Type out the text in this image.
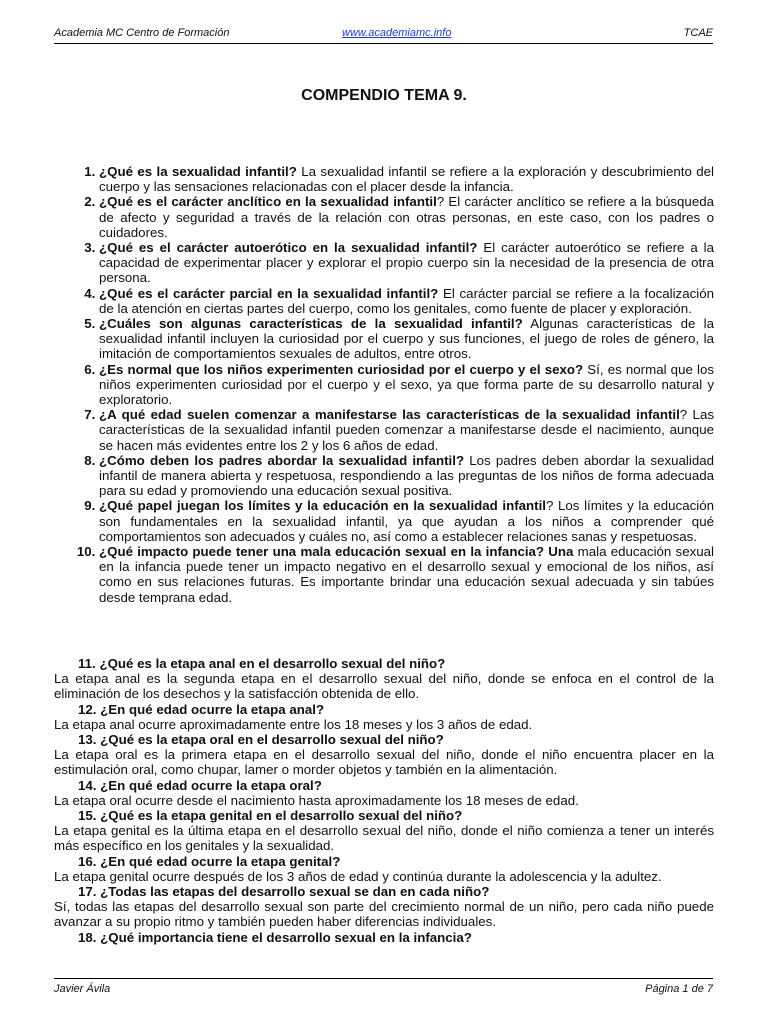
Academia MC Centro de Formación	www.academiamc.info	TCAE
COMPENDIO TEMA 9.
1. ¿Qué es la sexualidad infantil? La sexualidad infantil se refiere a la exploración y descubrimiento del cuerpo y las sensaciones relacionadas con el placer desde la infancia.
2. ¿Qué es el carácter anclítico en la sexualidad infantil? El carácter anclítico se refiere a la búsqueda de afecto y seguridad a través de la relación con otras personas, en este caso, con los padres o cuidadores.
3. ¿Qué es el carácter autoerótico en la sexualidad infantil? El carácter autoerótico se refiere a la capacidad de experimentar placer y explorar el propio cuerpo sin la necesidad de la presencia de otra persona.
4. ¿Qué es el carácter parcial en la sexualidad infantil? El carácter parcial se refiere a la focalización de la atención en ciertas partes del cuerpo, como los genitales, como fuente de placer y exploración.
5. ¿Cuáles son algunas características de la sexualidad infantil? Algunas características de la sexualidad infantil incluyen la curiosidad por el cuerpo y sus funciones, el juego de roles de género, la imitación de comportamientos sexuales de adultos, entre otros.
6. ¿Es normal que los niños experimenten curiosidad por el cuerpo y el sexo? Sí, es normal que los niños experimenten curiosidad por el cuerpo y el sexo, ya que forma parte de su desarrollo natural y exploratorio.
7. ¿A qué edad suelen comenzar a manifestarse las características de la sexualidad infantil? Las características de la sexualidad infantil pueden comenzar a manifestarse desde el nacimiento, aunque se hacen más evidentes entre los 2 y los 6 años de edad.
8. ¿Cómo deben los padres abordar la sexualidad infantil? Los padres deben abordar la sexualidad infantil de manera abierta y respetuosa, respondiendo a las preguntas de los niños de forma adecuada para su edad y promoviendo una educación sexual positiva.
9. ¿Qué papel juegan los límites y la educación en la sexualidad infantil? Los límites y la educación son fundamentales en la sexualidad infantil, ya que ayudan a los niños a comprender qué comportamientos son adecuados y cuáles no, así como a establecer relaciones sanas y respetuosas.
10. ¿Qué impacto puede tener una mala educación sexual en la infancia? Una mala educación sexual en la infancia puede tener un impacto negativo en el desarrollo sexual y emocional de los niños, así como en sus relaciones futuras. Es importante brindar una educación sexual adecuada y sin tabúes desde temprana edad.
11. ¿Qué es la etapa anal en el desarrollo sexual del niño?
La etapa anal es la segunda etapa en el desarrollo sexual del niño, donde se enfoca en el control de la eliminación de los desechos y la satisfacción obtenida de ello.
12. ¿En qué edad ocurre la etapa anal?
La etapa anal ocurre aproximadamente entre los 18 meses y los 3 años de edad.
13. ¿Qué es la etapa oral en el desarrollo sexual del niño?
La etapa oral es la primera etapa en el desarrollo sexual del niño, donde el niño encuentra placer en la estimulación oral, como chupar, lamer o morder objetos y también en la alimentación.
14. ¿En qué edad ocurre la etapa oral?
La etapa oral ocurre desde el nacimiento hasta aproximadamente los 18 meses de edad.
15. ¿Qué es la etapa genital en el desarrollo sexual del niño?
La etapa genital es la última etapa en el desarrollo sexual del niño, donde el niño comienza a tener un interés más específico en los genitales y la sexualidad.
16. ¿En qué edad ocurre la etapa genital?
La etapa genital ocurre después de los 3 años de edad y continúa durante la adolescencia y la adultez.
17. ¿Todas las etapas del desarrollo sexual se dan en cada niño?
Sí, todas las etapas del desarrollo sexual son parte del crecimiento normal de un niño, pero cada niño puede avanzar a su propio ritmo y también pueden haber diferencias individuales.
18. ¿Qué importancia tiene el desarrollo sexual en la infancia?
Javier Ávila	Página 1 de 7
